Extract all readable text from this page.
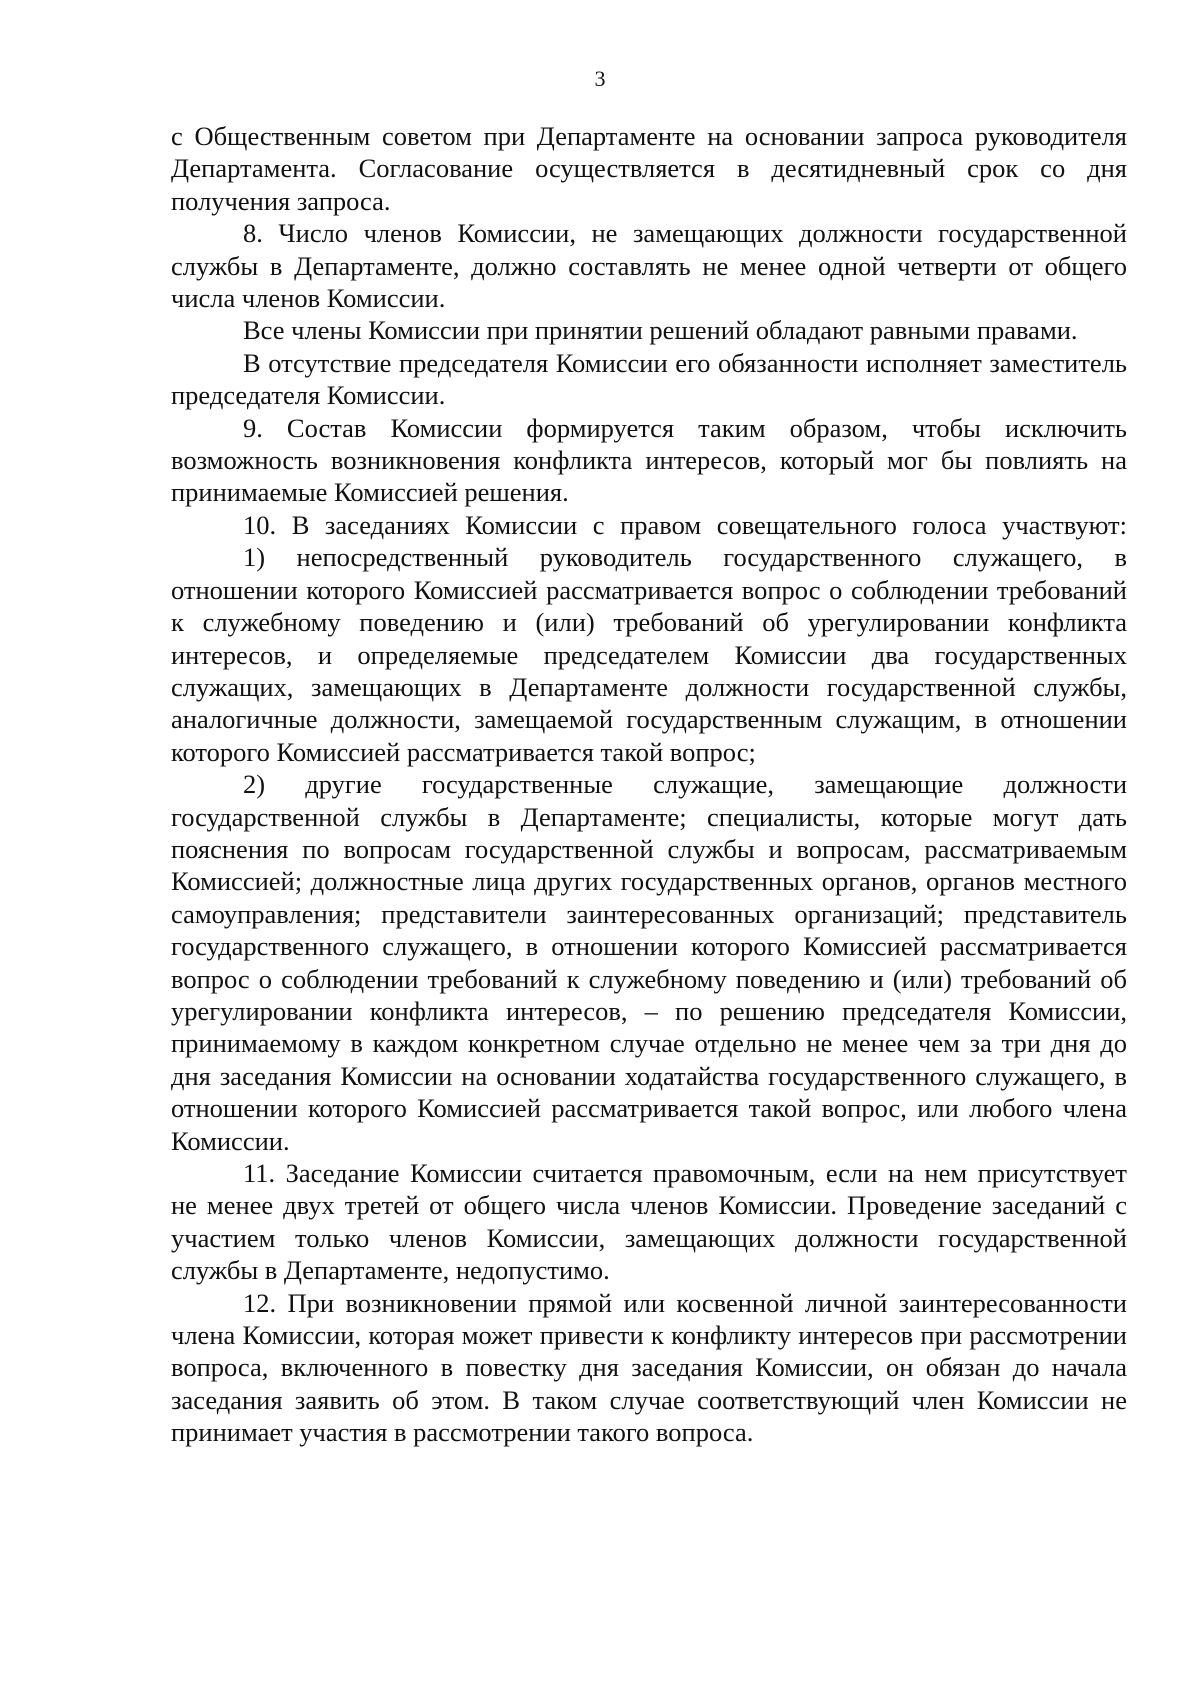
3

с Общественным советом при Департаменте на основании запроса руководителя Департамента. Согласование осуществляется в десятидневный срок со дня получения запроса.

8. Число членов Комиссии, не замещающих должности государственной службы в Департаменте, должно составлять не менее одной четверти от общего числа членов Комиссии.

Все члены Комиссии при принятии решений обладают равными правами.

В отсутствие председателя Комиссии его обязанности исполняет заместитель председателя Комиссии.

9. Состав Комиссии формируется таким образом, чтобы исключить возможность возникновения конфликта интересов, который мог бы повлиять на принимаемые Комиссией решения.

10. В заседаниях Комиссии с правом совещательного голоса участвуют:

1) непосредственный руководитель государственного служащего, в отношении которого Комиссией рассматривается вопрос о соблюдении требований к служебному поведению и (или) требований об урегулировании конфликта интересов, и определяемые председателем Комиссии два государственных служащих, замещающих в Департаменте должности государственной службы, аналогичные должности, замещаемой государственным служащим, в отношении которого Комиссией рассматривается такой вопрос;

2) другие государственные служащие, замещающие должности государственной службы в Департаменте; специалисты, которые могут дать пояснения по вопросам государственной службы и вопросам, рассматриваемым Комиссией; должностные лица других государственных органов, органов местного самоуправления; представители заинтересованных организаций; представитель государственного служащего, в отношении которого Комиссией рассматривается вопрос о соблюдении требований к служебному поведению и (или) требований об урегулировании конфликта интересов, – по решению председателя Комиссии, принимаемому в каждом конкретном случае отдельно не менее чем за три дня до дня заседания Комиссии на основании ходатайства государственного служащего, в отношении которого Комиссией рассматривается такой вопрос, или любого члена Комиссии.

11. Заседание Комиссии считается правомочным, если на нем присутствует не менее двух третей от общего числа членов Комиссии. Проведение заседаний с участием только членов Комиссии, замещающих должности государственной службы в Департаменте, недопустимо.

12. При возникновении прямой или косвенной личной заинтересованности члена Комиссии, которая может привести к конфликту интересов при рассмотрении вопроса, включенного в повестку дня заседания Комиссии, он обязан до начала заседания заявить об этом. В таком случае соответствующий член Комиссии не принимает участия в рассмотрении такого вопроса.
